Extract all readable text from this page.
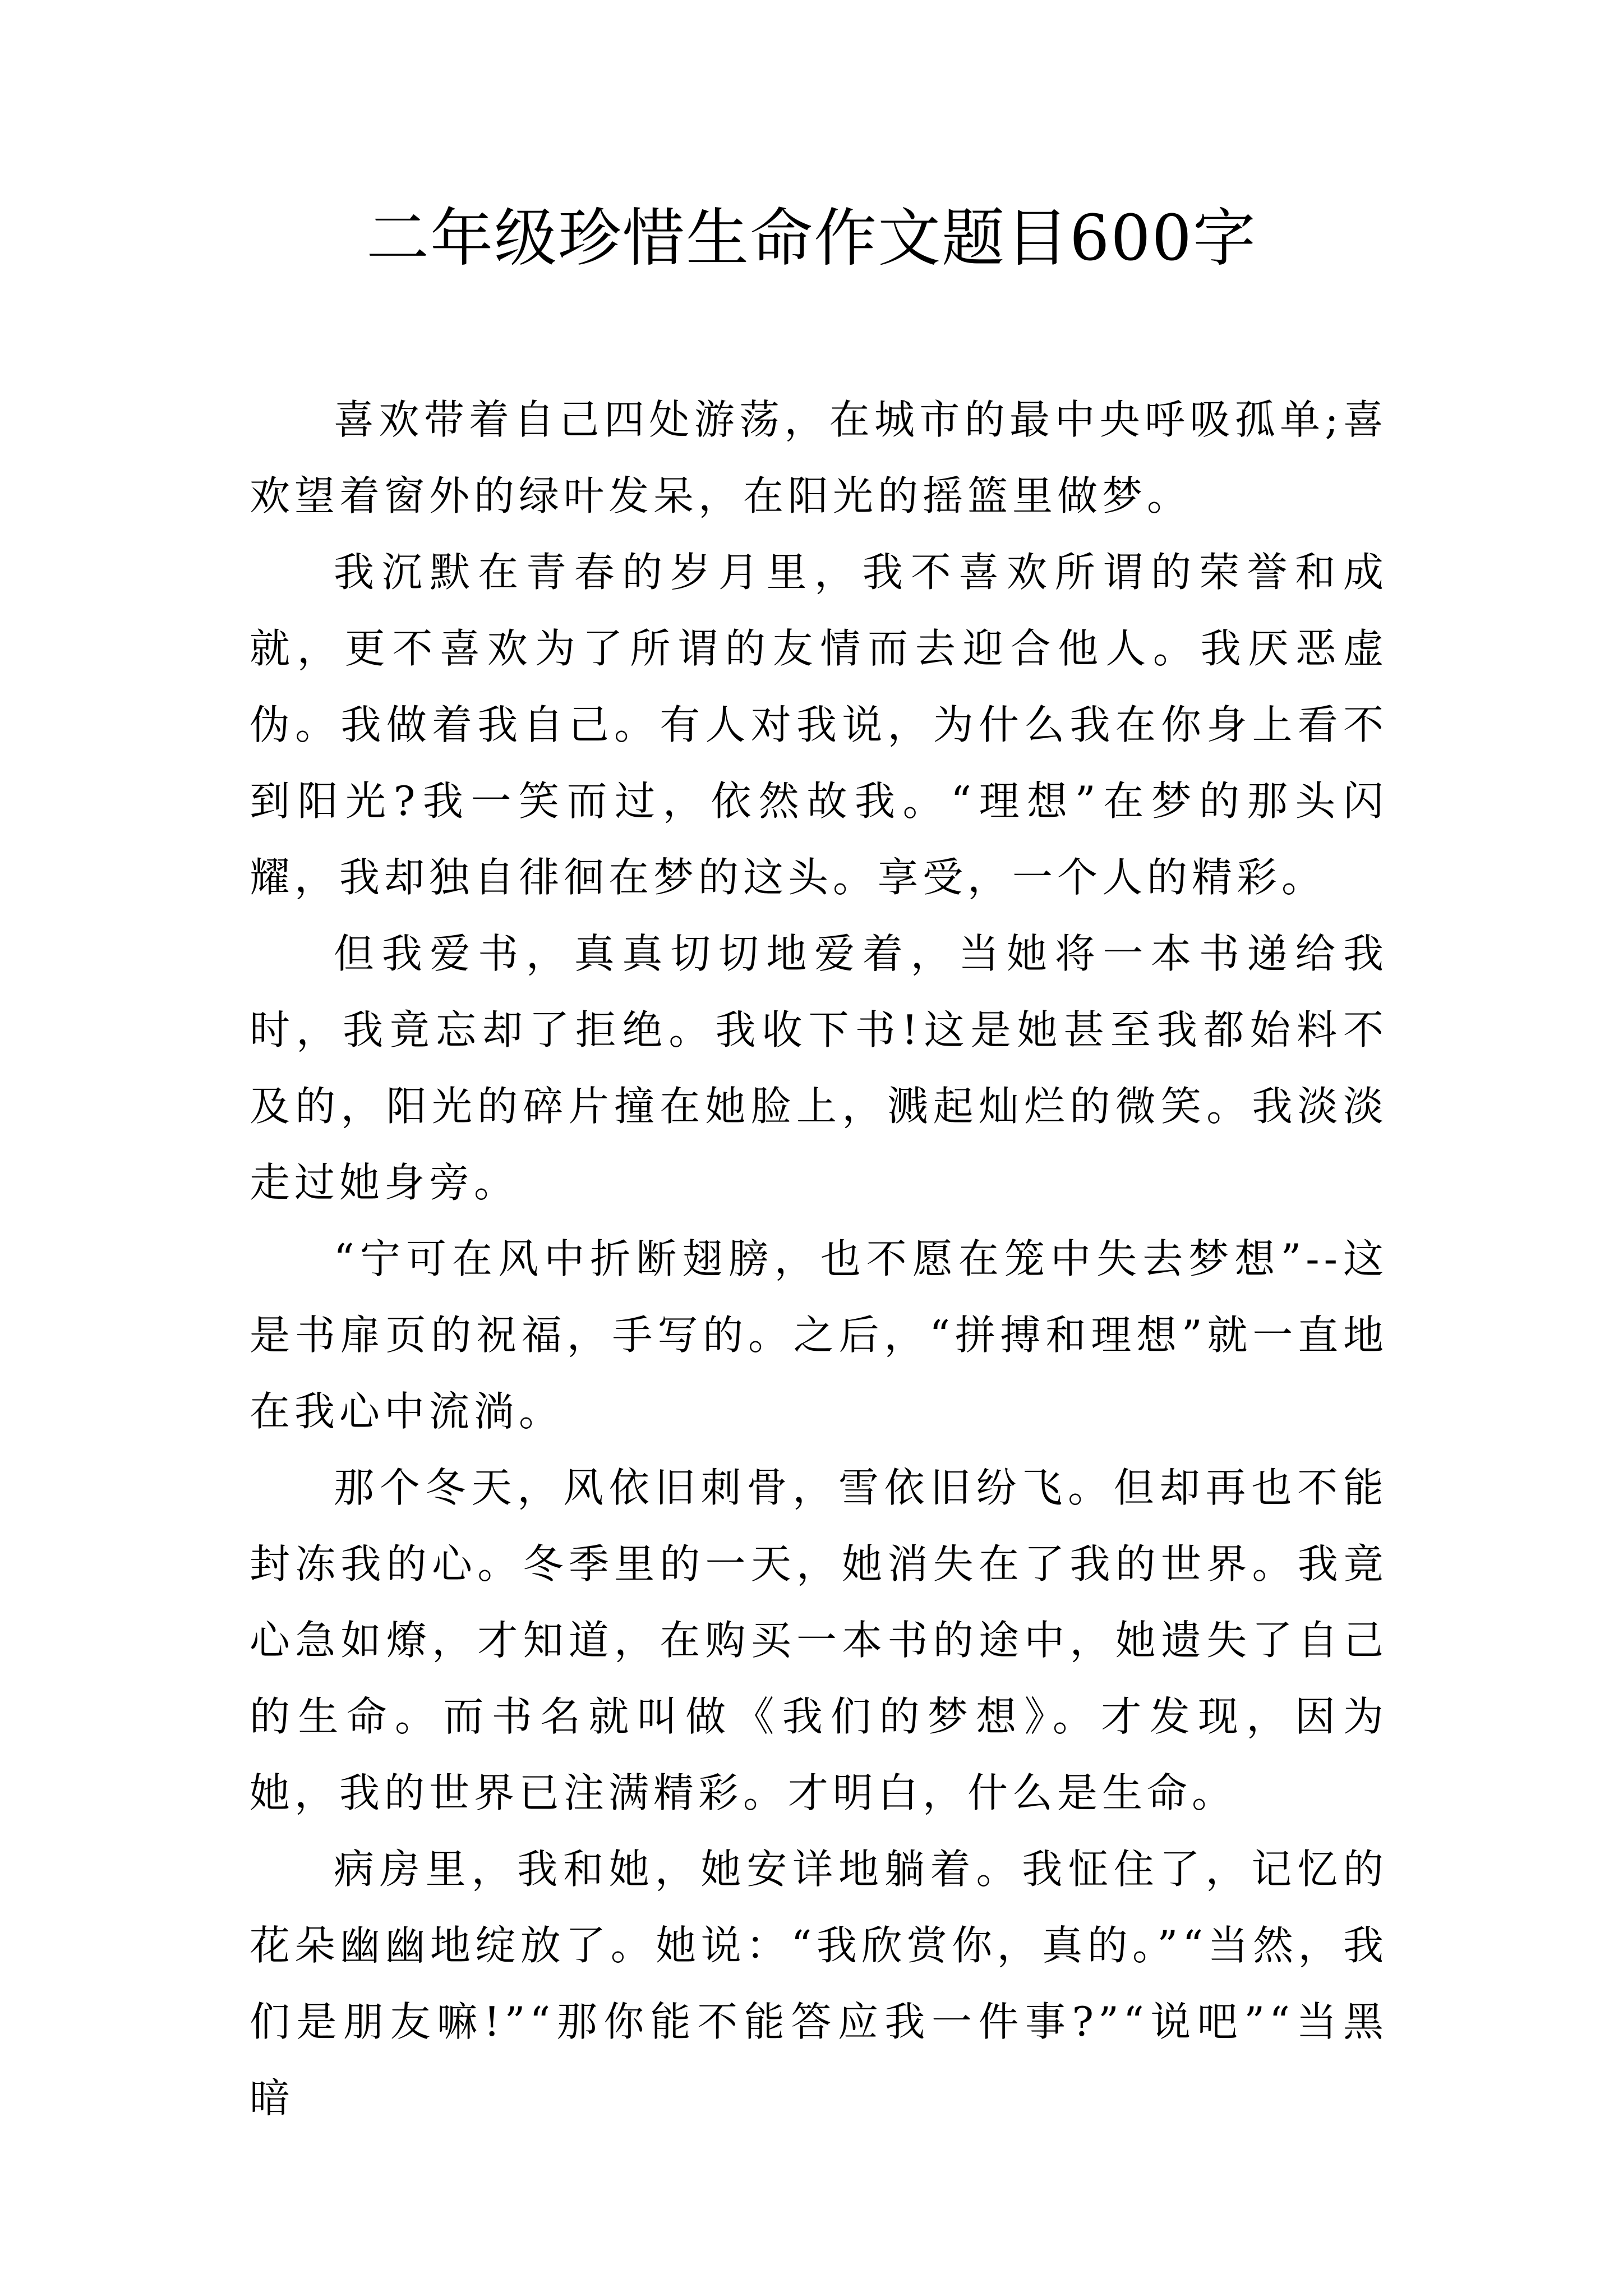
二年级珍惜生命作文题目600字

喜欢带着自己四处游荡，在城市的最中央呼吸孤单;喜欢望着窗外的绿叶发呆，在阳光的摇篮里做梦。

我沉默在青春的岁月里，我不喜欢所谓的荣誉和成就，更不喜欢为了所谓的友情而去迎合他人。我厌恶虚伪。我做着我自己。有人对我说，为什么我在你身上看不到阳光?我一笑而过，依然故我。“理想”在梦的那头闪耀，我却独自徘徊在梦的这头。享受，一个人的精彩。

但我爱书，真真切切地爱着，当她将一本书递给我时，我竟忘却了拒绝。我收下书!这是她甚至我都始料不及的，阳光的碎片撞在她脸上，溅起灿烂的微笑。我淡淡走过她身旁。

“宁可在风中折断翅膀，也不愿在笼中失去梦想”--这是书扉页的祝福，手写的。之后，“拼搏和理想”就一直地在我心中流淌。

那个冬天，风依旧刺骨，雪依旧纷飞。但却再也不能封冻我的心。冬季里的一天，她消失在了我的世界。我竟心急如燎，才知道，在购买一本书的途中，她遗失了自己的生命。而书名就叫做《我们的梦想》。才发现，因为她，我的世界已注满精彩。才明白，什么是生命。

病房里，我和她，她安详地躺着。我怔住了，记忆的花朵幽幽地绽放了。她说：“我欣赏你，真的。”“当然，我们是朋友嘛!”“那你能不能答应我一件事?”“说吧”“当黑暗
